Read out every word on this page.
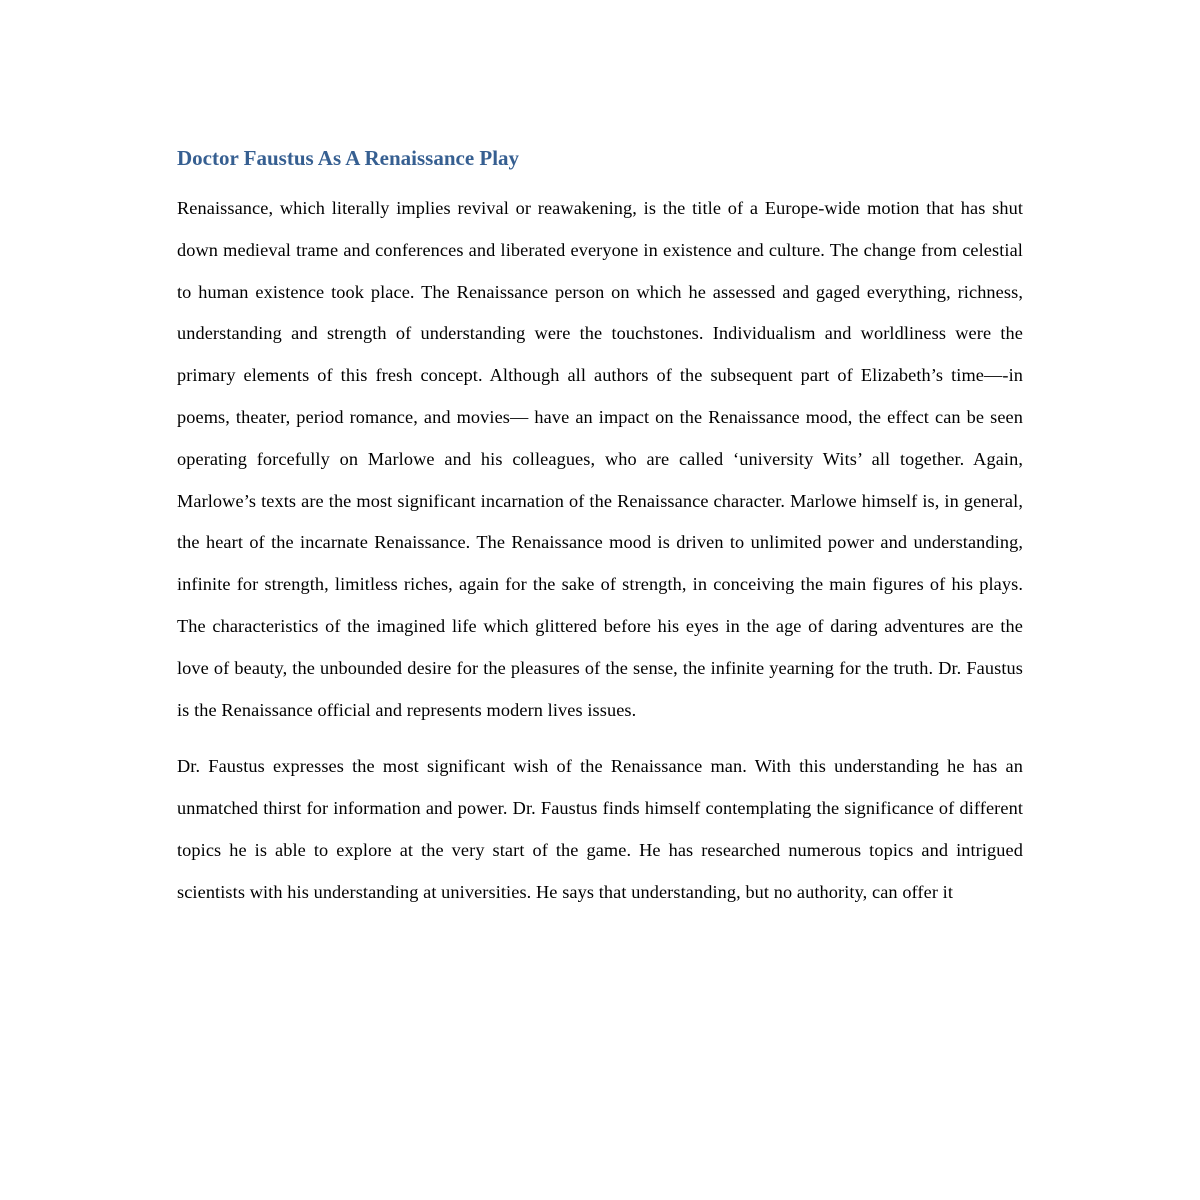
Doctor Faustus As A Renaissance Play

Renaissance, which literally implies revival or reawakening, is the title of a Europe-wide motion that has shut down medieval trame and conferences and liberated everyone in existence and culture. The change from celestial to human existence took place. The Renaissance person on which he assessed and gaged everything, richness, understanding and strength of understanding were the touchstones. Individualism and worldliness were the primary elements of this fresh concept. Although all authors of the subsequent part of Elizabeth’s time—-in poems, theater, period romance, and movies— have an impact on the Renaissance mood, the effect can be seen operating forcefully on Marlowe and his colleagues, who are called ‘university Wits’ all together. Again, Marlowe’s texts are the most significant incarnation of the Renaissance character. Marlowe himself is, in general, the heart of the incarnate Renaissance. The Renaissance mood is driven to unlimited power and understanding, infinite for strength, limitless riches, again for the sake of strength, in conceiving the main figures of his plays. The characteristics of the imagined life which glittered before his eyes in the age of daring adventures are the love of beauty, the unbounded desire for the pleasures of the sense, the infinite yearning for the truth. Dr. Faustus is the Renaissance official and represents modern lives issues.

Dr. Faustus expresses the most significant wish of the Renaissance man. With this understanding he has an unmatched thirst for information and power. Dr. Faustus finds himself contemplating the significance of different topics he is able to explore at the very start of the game. He has researched numerous topics and intrigued scientists with his understanding at universities. He says that understanding, but no authority, can offer it
